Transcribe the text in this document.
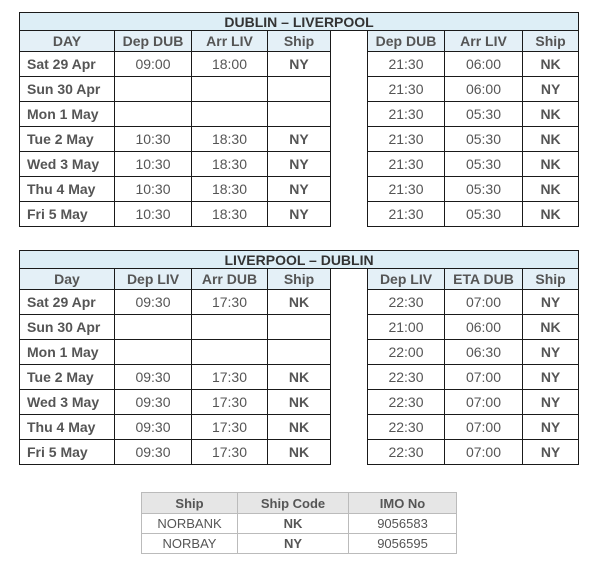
DUBLIN – LIVERPOOL							
DAY	Dep DUB	Arr LIV	Ship		Dep DUB	Arr LIV	Ship
Sat 29 Apr	09:00	18:00	NY		21:30	06:00	NK
Sun 30 Apr					21:30	06:00	NY
Mon 1 May					21:30	05:30	NK
Tue 2 May	10:30	18:30	NY		21:30	05:30	NK
Wed 3 May	10:30	18:30	NY		21:30	05:30	NK
Thu 4 May	10:30	18:30	NY		21:30	05:30	NK
Fri 5 May	10:30	18:30	NY		21:30	05:30	NK
LIVERPOOL – DUBLIN							
Day	Dep LIV	Arr DUB	Ship		Dep LIV	ETA DUB	Ship
Sat 29 Apr	09:30	17:30	NK		22:30	07:00	NY
Sun 30 Apr					21:00	06:00	NK
Mon 1 May					22:00	06:30	NY
Tue 2 May	09:30	17:30	NK		22:30	07:00	NY
Wed 3 May	09:30	17:30	NK		22:30	07:00	NY
Thu 4 May	09:30	17:30	NK		22:30	07:00	NY
Fri 5 May	09:30	17:30	NK		22:30	07:00	NY
Ship	Ship Code	IMO No
NORBANK	NK	9056583
NORBAY	NY	9056595
